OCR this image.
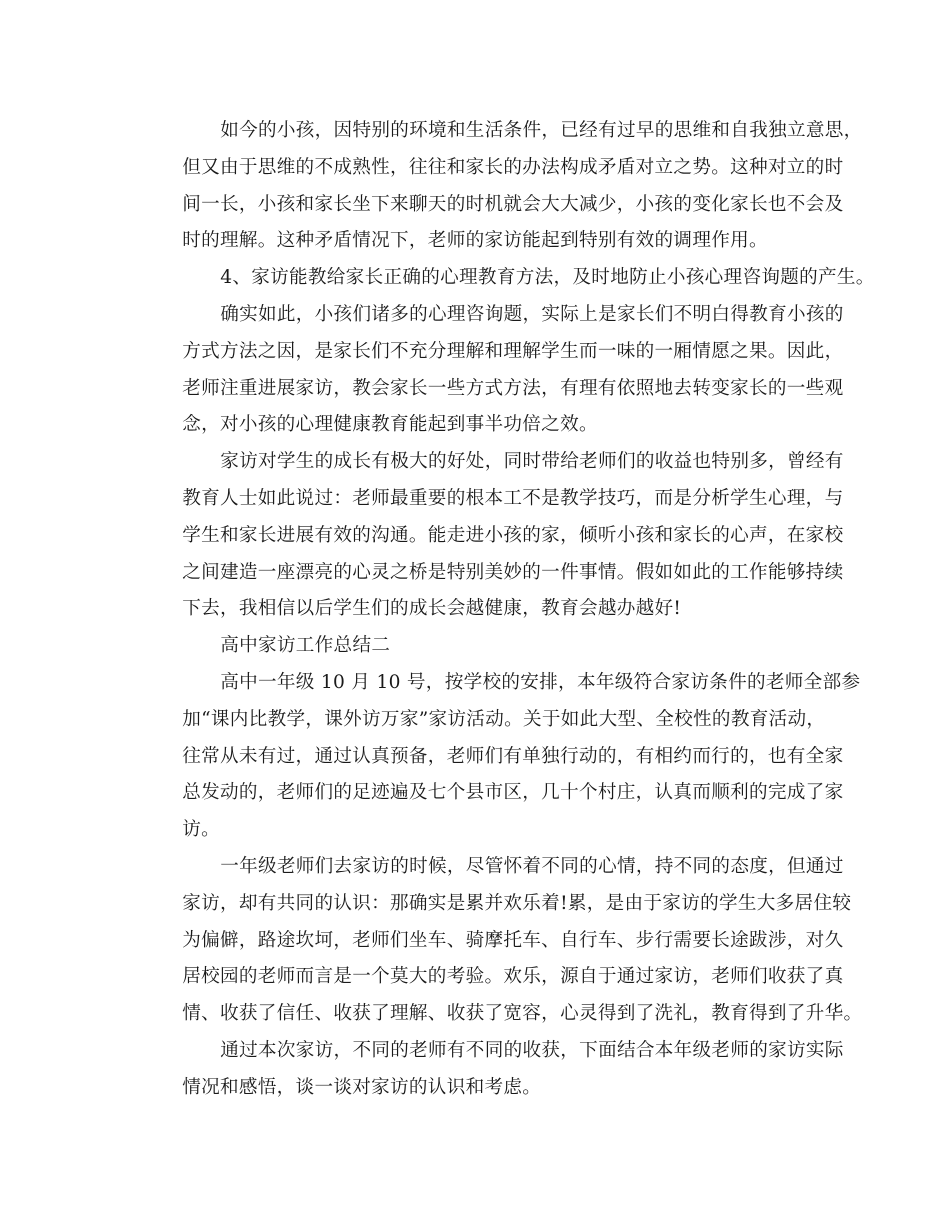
如今的小孩，因特别的环境和生活条件，已经有过早的思维和自我独立意思，
但又由于思维的不成熟性，往往和家长的办法构成矛盾对立之势。这种对立的时
间一长，小孩和家长坐下来聊天的时机就会大大减少，小孩的变化家长也不会及
时的理解。这种矛盾情况下，老师的家访能起到特别有效的调理作用。
4、家访能教给家长正确的心理教育方法，及时地防止小孩心理咨询题的产生。
确实如此，小孩们诸多的心理咨询题，实际上是家长们不明白得教育小孩的
方式方法之因，是家长们不充分理解和理解学生而一味的一厢情愿之果。因此，
老师注重进展家访，教会家长一些方式方法，有理有依照地去转变家长的一些观
念，对小孩的心理健康教育能起到事半功倍之效。
家访对学生的成长有极大的好处，同时带给老师们的收益也特别多，曾经有
教育人士如此说过：老师最重要的根本工不是教学技巧，而是分析学生心理，与
学生和家长进展有效的沟通。能走进小孩的家，倾听小孩和家长的心声，在家校
之间建造一座漂亮的心灵之桥是特别美妙的一件事情。假如如此的工作能够持续
下去，我相信以后学生们的成长会越健康，教育会越办越好!
高中家访工作总结二
高中一年级 10 月 10 号，按学校的安排，本年级符合家访条件的老师全部参
加“课内比教学，课外访万家”家访活动。关于如此大型、全校性的教育活动，
往常从未有过，通过认真预备，老师们有单独行动的，有相约而行的，也有全家
总发动的，老师们的足迹遍及七个县市区，几十个村庄，认真而顺利的完成了家
访。
一年级老师们去家访的时候，尽管怀着不同的心情，持不同的态度，但通过
家访，却有共同的认识：那确实是累并欢乐着!累，是由于家访的学生大多居住较
为偏僻，路途坎坷，老师们坐车、骑摩托车、自行车、步行需要长途跋涉，对久
居校园的老师而言是一个莫大的考验。欢乐，源自于通过家访，老师们收获了真
情、收获了信任、收获了理解、收获了宽容，心灵得到了洗礼，教育得到了升华。
通过本次家访，不同的老师有不同的收获，下面结合本年级老师的家访实际
情况和感悟，谈一谈对家访的认识和考虑。
